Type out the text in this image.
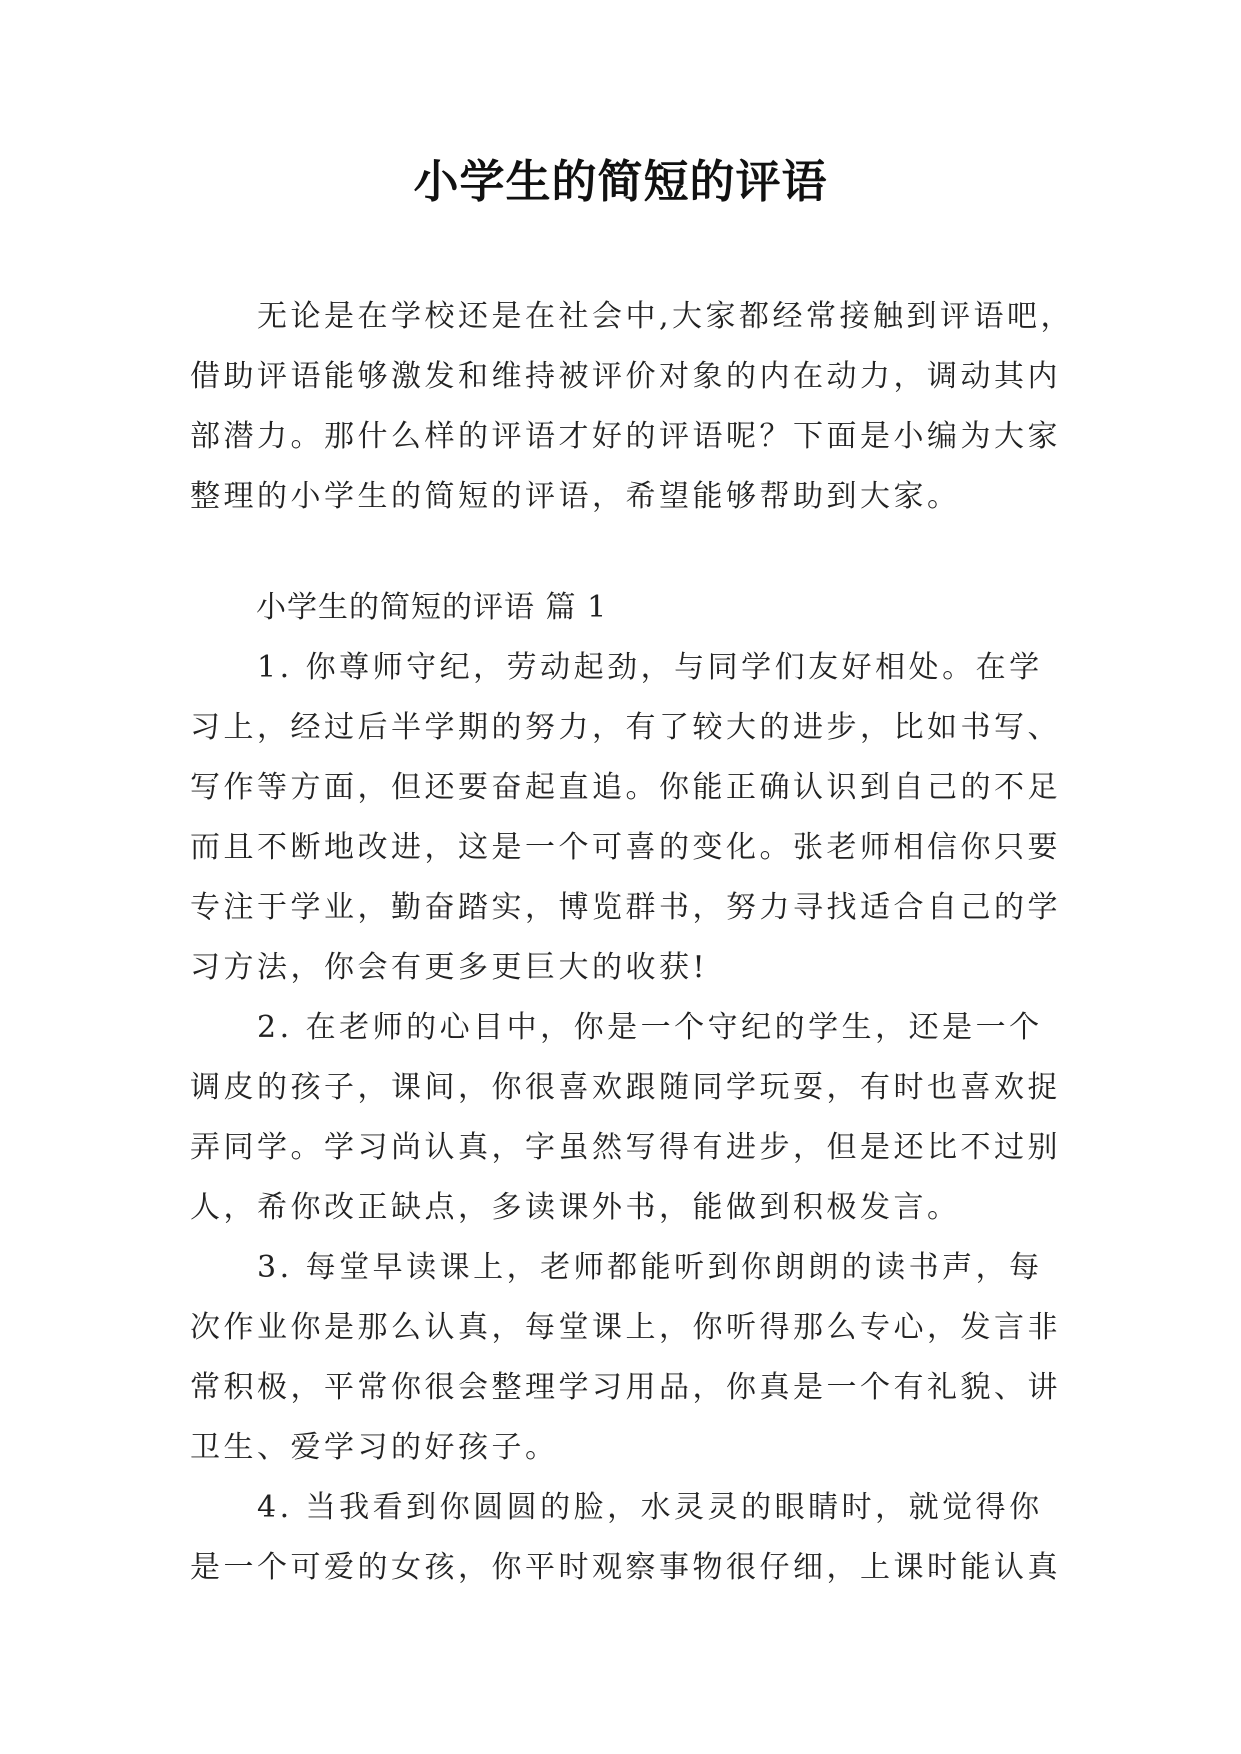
小学生的简短的评语
　　无论是在学校还是在社会中,大家都经常接触到评语吧，
借助评语能够激发和维持被评价对象的内在动力，调动其内
部潜力。那什么样的评语才好的评语呢？下面是小编为大家
整理的小学生的简短的评语，希望能够帮助到大家。

小学生的简短的评语 篇 1

　　1. 你尊师守纪，劳动起劲，与同学们友好相处。在学
习上，经过后半学期的努力，有了较大的进步，比如书写、
写作等方面，但还要奋起直追。你能正确认识到自己的不足
而且不断地改进，这是一个可喜的变化。张老师相信你只要
专注于学业，勤奋踏实，博览群书，努力寻找适合自己的学
习方法，你会有更多更巨大的收获!
　　2. 在老师的心目中，你是一个守纪的学生，还是一个
调皮的孩子，课间，你很喜欢跟随同学玩耍，有时也喜欢捉
弄同学。学习尚认真，字虽然写得有进步，但是还比不过别
人，希你改正缺点，多读课外书，能做到积极发言。
　　3. 每堂早读课上，老师都能听到你朗朗的读书声，每
次作业你是那么认真，每堂课上，你听得那么专心，发言非
常积极，平常你很会整理学习用品，你真是一个有礼貌、讲
卫生、爱学习的好孩子。
　　4. 当我看到你圆圆的脸，水灵灵的眼睛时，就觉得你
是一个可爱的女孩，你平时观察事物很仔细，上课时能认真
